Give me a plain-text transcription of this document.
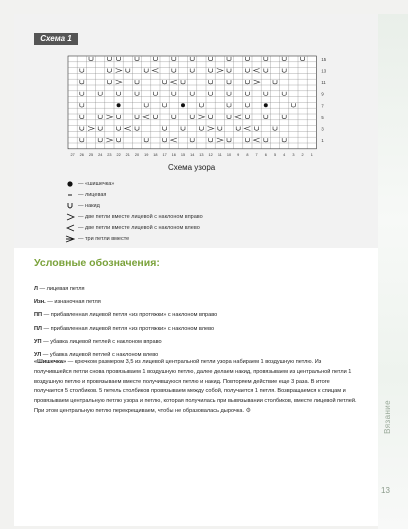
Вязание
Схема 1
15
13
11
9
7
5
3
1
27 26 25 24 23 22 21 20 19 18 17 16 15 14 13 12 11 10 9 8 7 6 5 4 3 2 1
Схема узора
— «шишечка»
— лицевая
— накид
— две петли вместе лицевой с наклоном вправо
— две петли вместе лицевой с наклоном влево
— три петли вместе
Условные обозначения:
Л — лицевая петля
Изн. — изнаночная петля
ПП — прибавленная лицевой петля «из протяжки» с наклоном вправо
ПЛ — прибавленная лицевой петля «из протяжки» с наклоном влево
УП — убавка лицевой петлей с наклоном вправо
УЛ — убавка лицевой петлей с наклоном влево
«Шишечка» — крючком размером 3,5 из лицевой центральной петли узора набираем 1 воздушную петлю. Из получившейся петли снова провязываем 1 воздушную петлю, далее делаем накид, провязываем из центральной петли 1 воздушную петлю и провязываем вместе получившуюся петлю и накид. Повторяем действие еще 3 раза. В итоге получается 5 столбиков. 5 петель столбиков провязываем между собой, получается 1 петля. Возвращаемся к спицам и провязываем центральную петлю узора и петлю, которая получилась при вывязывании столбиков, вместе лицевой петлей. При этом центральную петлю перекрещиваем, чтобы не образовалась дырочка. ⚙
13
